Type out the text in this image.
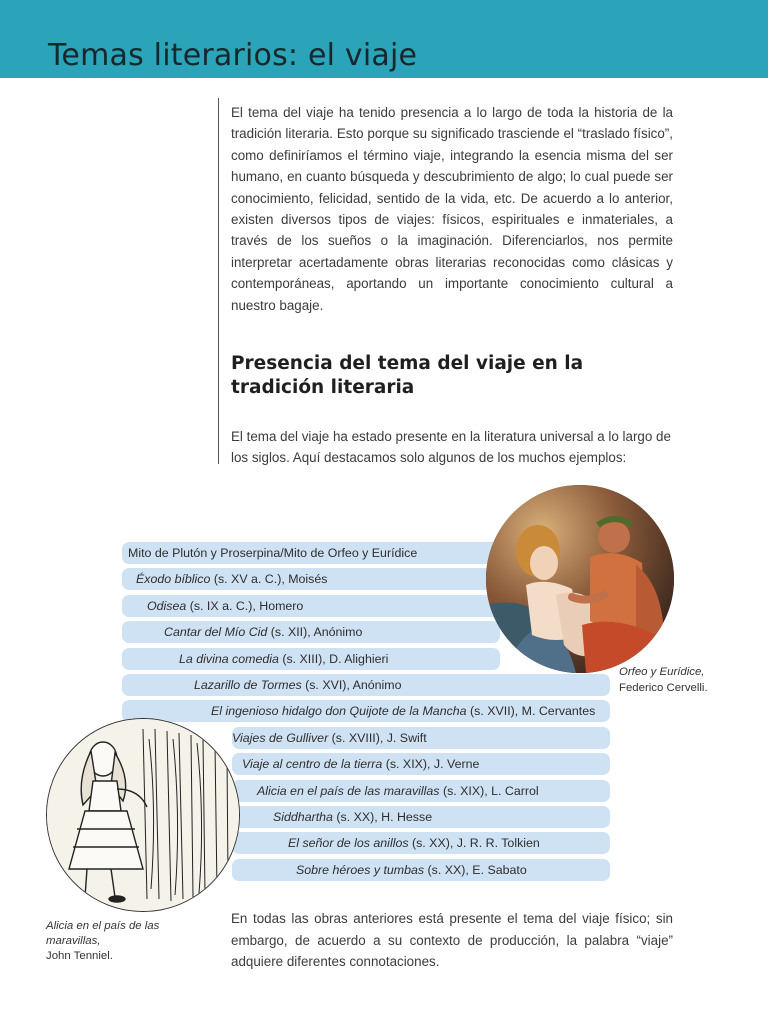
Temas literarios: el viaje

El tema del viaje ha tenido presencia a lo largo de toda la historia de la tradición literaria. Esto porque su significado trasciende el “traslado físico”, como definiríamos el término viaje, integrando la esencia misma del ser humano, en cuanto búsqueda y descubrimiento de algo; lo cual puede ser conocimiento, felicidad, sentido de la vida, etc. De acuerdo a lo anterior, existen diversos tipos de viajes: físicos, espirituales e inmateriales, a través de los sueños o la imaginación. Diferenciarlos, nos permite interpretar acertadamente obras literarias reconocidas como clásicas y contemporáneas, aportando un importante conocimiento cultural a nuestro bagaje.

Presencia del tema del viaje en la tradición literaria

El tema del viaje ha estado presente en la literatura universal a lo largo de los siglos. Aquí destacamos solo algunos de los muchos ejemplos:

Mito de Plutón y Proserpina/Mito de Orfeo y Eurídice
Éxodo bíblico (s. XV a. C.), Moisés
Odisea (s. IX a. C.), Homero
Cantar del Mío Cid (s. XII), Anónimo
La divina comedia (s. XIII), D. Alighieri
Lazarillo de Tormes (s. XVI), Anónimo
El ingenioso hidalgo don Quijote de la Mancha (s. XVII), M. Cervantes
Viajes de Gulliver (s. XVIII), J. Swift
Viaje al centro de la tierra (s. XIX), J. Verne
Alicia en el país de las maravillas (s. XIX), L. Carrol
Siddhartha (s. XX), H. Hesse
El señor de los anillos (s. XX), J. R. R. Tolkien
Sobre héroes y tumbas (s. XX), E. Sabato

Orfeo y Eurídice,
Federico Cervelli.

Alicia en el país de las maravillas,
John Tenniel.

En todas las obras anteriores está presente el tema del viaje físico; sin embargo, de acuerdo a su contexto de producción, la palabra “viaje” adquiere diferentes connotaciones.
